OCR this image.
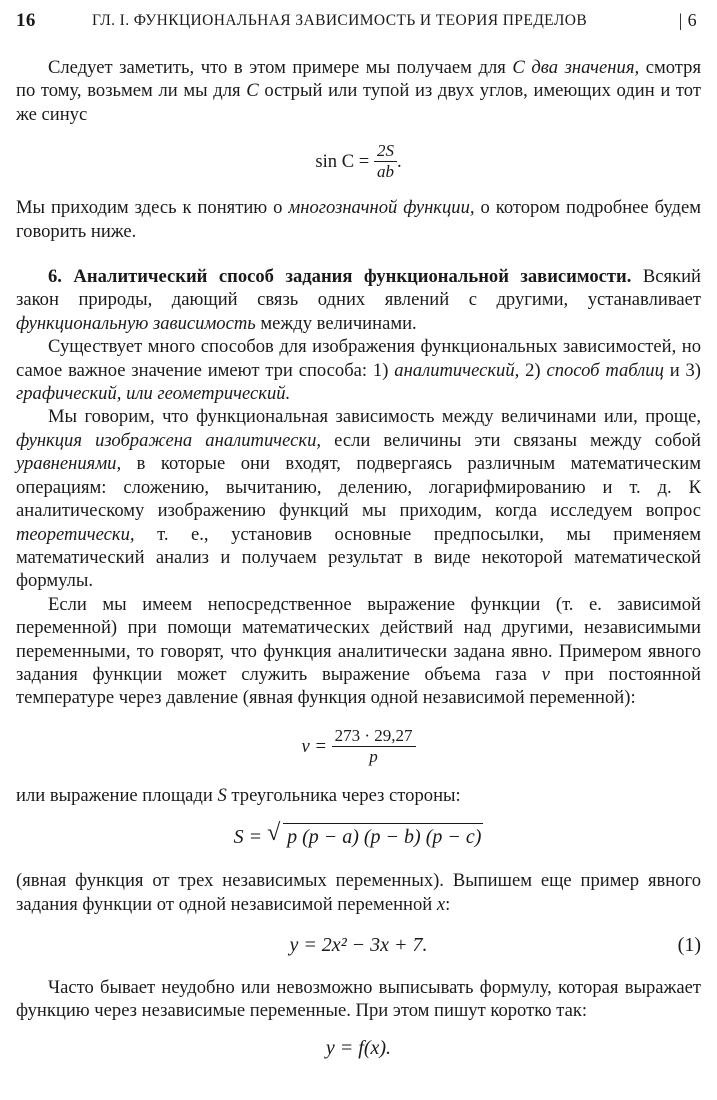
16	ГЛ. I. ФУНКЦИОНАЛЬНАЯ ЗАВИСИМОСТЬ И ТЕОРИЯ ПРЕДЕЛОВ	| 6

Следует заметить, что в этом примере мы получаем для С два значения, смотря по тому, возьмем ли мы для С острый или тупой из двух углов, имеющих один и тот же синус

sin C =
$\frac{2S}{ab}$ .

Мы приходим здесь к понятию о многозначной функции, о котором подробнее будем говорить ниже.

6. Аналитический способ задания функциональной зависимости. Всякий закон природы, дающий связь одних явлений с другими, устанавливает функциональную зависимость между величинами.

Существует много способов для изображения функциональных зависимостей, но самое важное значение имеют три способа: 1) аналитический, 2) способ таблиц и 3) графический, или геометрический.

Мы говорим, что функциональная зависимость между величинами или, проще, функция изображена аналитически, если величины эти связаны между собой уравнениями, в которые они входят, подвергаясь различным математическим операциям: сложению, вычитанию, делению, логарифмированию и т. д. К аналитическому изображению функций мы приходим, когда исследуем вопрос теоретически, т. е., установив основные предпосылки, мы применяем математический анализ и получаем результат в виде некоторой математической формулы.

Если мы имеем непосредственное выражение функции (т. е. зависимой переменной) при помощи математических действий над другими, независимыми переменными, то говорят, что функция аналитически задана явно. Примером явного задания функции может служить выражение объема газа v при постоянной температуре через давление (явная функция одной независимой переменной):

v =
$\frac{273 \cdot 29,27}{p}$

или выражение площади S треугольника через стороны:

S =
√ p (p − a) (p − b) (p − c)

(явная функция от трех независимых переменных). Выпишем еще пример явного задания функции от одной независимой переменной x:

y = 2x² − 3x + 7.	(1)

Часто бывает неудобно или невозможно выписывать формулу, которая выражает функцию через независимые переменные. При этом пишут коротко так:

y = f(x).
